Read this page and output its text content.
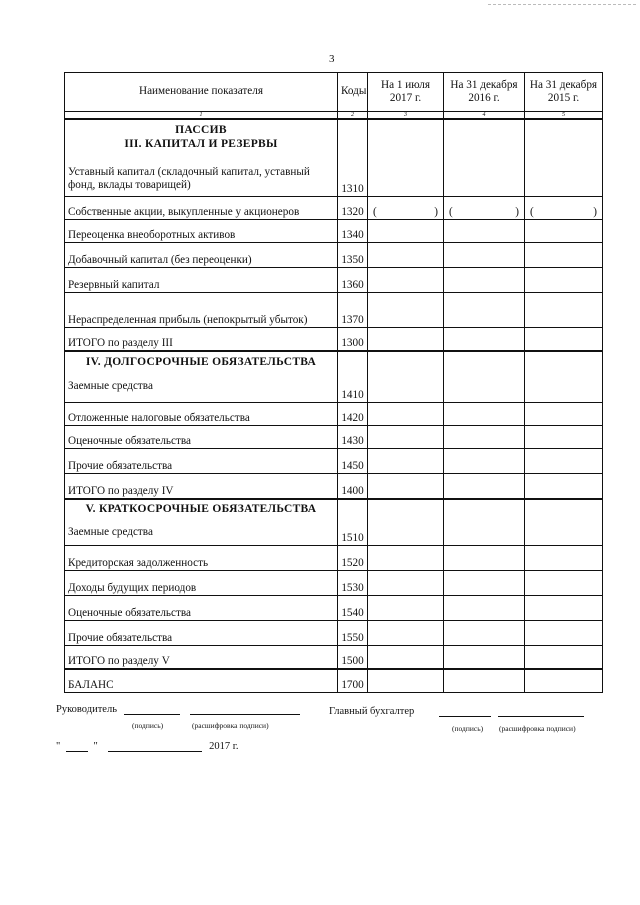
3
Наименование показателя	Коды	На 1 июля 2017 г.	На 31 декабря 2016 г.	На 31 декабря 2015 г.
1	2	3	4	5

ПАССИВ
III. КАПИТАЛ И РЕЗЕРВЫ
Уставный капитал (складочный капитал, уставный фонд, вклады товарищей)	1310			
Собственные акции, выкупленные у акционеров	1320	( )	( )	( )

Переоценка внеоборотных активов	1340			
Добавочный капитал (без переоценки)	1350			
Резервный капитал	1360			
Нераспределенная прибыль (непокрытый убыток)	1370			
ИТОГО по разделу III	1300			

IV. ДОЛГОСРОЧНЫЕ ОБЯЗАТЕЛЬСТВА
Заемные средства	1410			
Отложенные налоговые обязательства	1420			
Оценочные обязательства	1430			
Прочие обязательства	1450			
ИТОГО по разделу IV	1400			

V. КРАТКОСРОЧНЫЕ ОБЯЗАТЕЛЬСТВА
Заемные средства	1510			
Кредиторская задолженность	1520			
Доходы будущих периодов	1530			
Оценочные обязательства	1540			
Прочие обязательства	1550			
ИТОГО по разделу V	1500			
БАЛАНС	1700			
Руководитель
(подпись)	(расшифровка подписи)
Главный бухгалтер
(подпись) (расшифровка подписи)
"	"	2017 г.
